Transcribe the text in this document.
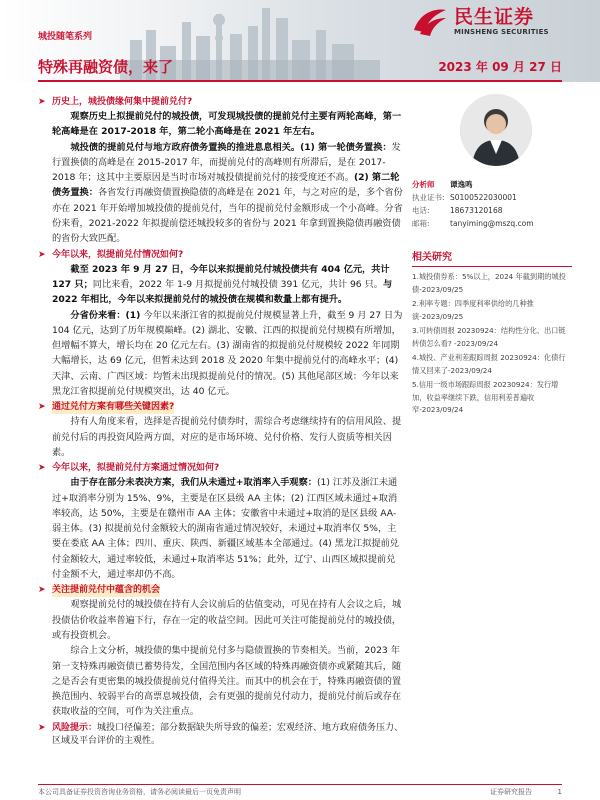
城投随笔系列
特殊再融资债，来了	2023 年 09 月 27 日
民生证券
MINSHENG SECURITIES
➤ 历史上，城投债缘何集中提前兑付?

观察历史上拟提前兑付的城投债，可发现城投债的提前兑付主要有两轮高峰，第一轮高峰是在 2017-2018 年，第二轮小高峰是在 2021 年左右。

城投债的提前兑付与地方政府债务置换的推进息息相关。(1) 第一轮债务置换：发行置换债的高峰是在 2015-2017 年，而提前兑付的高峰则有所滞后，是在 2017-2018 年；这其中主要原因是当时市场对城投债提前兑付的接受度还不高。(2) 第二轮债务置换：各省发行再融资债置换隐债的高峰是在 2021 年，与之对应的是，多个省份亦在 2021 年开始增加城投债的提前兑付，当年的提前兑付金额形成一个小高峰。分省份来看，2021-2022 年拟提前偿还城投较多的省份与 2021 年拿到置换隐债再融资债的省份大致匹配。

➤ 今年以来，拟提前兑付情况如何?

截至 2023 年 9 月 27 日，今年以来拟提前兑付城投债共有 404 亿元，共计 127 只；同比来看，2022 年 1-9 月拟提前兑付城投债 391 亿元，共计 96 只。与 2022 年相比，今年以来拟提前兑付的城投债在规模和数量上都有提升。

分省份来看：(1) 今年以来浙江省的拟提前兑付规模显著上升，截至 9 月 27 日为 104 亿元，达到了历年规模巅峰。(2) 湖北、安徽、江西的拟提前兑付规模有所增加，但增幅不算大，增长均在 20 亿元左右。(3) 湖南省的拟提前兑付规模较 2022 年同期大幅增长，达 69 亿元，但暂未达到 2018 及 2020 年集中提前兑付的高峰水平；(4) 天津、云南、广西区域：均暂未出现拟提前兑付的情况。(5) 其他尾部区域：今年以来黑龙江省拟提前兑付规模突出，达 40 亿元。

➤ 通过兑付方案有哪些关键因素?

持有人角度来看，选择是否提前兑付债券时，需综合考虑继续持有的信用风险、提前兑付后的再投资风险两方面，对应的是市场环境、兑付价格、发行人资质等相关因素。

➤ 今年以来，拟提前兑付方案通过情况如何?

由于存在部分未表决方案，我们从未通过+取消率入手观察：(1) 江苏及浙江未通过+取消率分别为 15%、9%，主要是在区县级 AA 主体；(2) 江西区域未通过+取消率较高，达 50%，主要是在赣州市 AA 主体；安徽省中未通过+取消的是区县级 AA-弱主体。(3) 拟提前兑付金额较大的湖南省通过情况较好，未通过+取消率仅 5%，主要在娄底 AA 主体；四川、重庆、陕西、新疆区域基本全部通过。(4) 黑龙江拟提前兑付金额较大，通过率较低，未通过+取消率达 51%；此外，辽宁、山西区域拟提前兑付金额不大，通过率却仍不高。

➤ 关注提前兑付中蕴含的机会

观察提前兑付的城投债在持有人会议前后的估值变动，可见在持有人会议之后，城投债估价收益率普遍下行，存在一定的收益空间。因此可关注可能提前兑付的城投债，或有投资机会。

综合上文分析，城投债的集中提前兑付多与隐债置换的节奏相关。当前，2023 年第一支特殊再融资债已蓄势待发，全国范围内各区域的特殊再融资债亦或紧随其后，随之是否会有更密集的城投债提前兑付值得关注。而其中的机会在于，特殊再融资债的置换范围内、较弱平台的高票息城投债，会有更强的提前兑付动力，提前兑付前后或存在获取收益的空间，可作为关注重点。

➤ 风险提示：城投口径偏差；部分数据缺失所导致的偏差；宏观经济、地方政府债务压力、区域及平台评价的主观性。
分析师	谭逸鸣
执业证书: S0100522030001
电话:	18673120168
邮箱:	tanyiming@mszq.com
相关研究
1.城投债券系：5%以上，2024 年截到期的城投债-2023/09/25
2.利率专题：四季度利率供给的几种推演-2023/09/25
3.可转债周报 20230924：结构性分化、出口链转债怎么看? -2023/09/24
4.城投、产业利差跟踪周报 20230924：化债行情又回来了-2023/09/24
5.信用一级市场跟踪周报 20230924：发行增加，收益率继续下跌，信用利差普遍收窄-2023/09/24
本公司具备证券投资咨询业务资格，请务必阅读最后一页免责声明	证券研究报告	1
